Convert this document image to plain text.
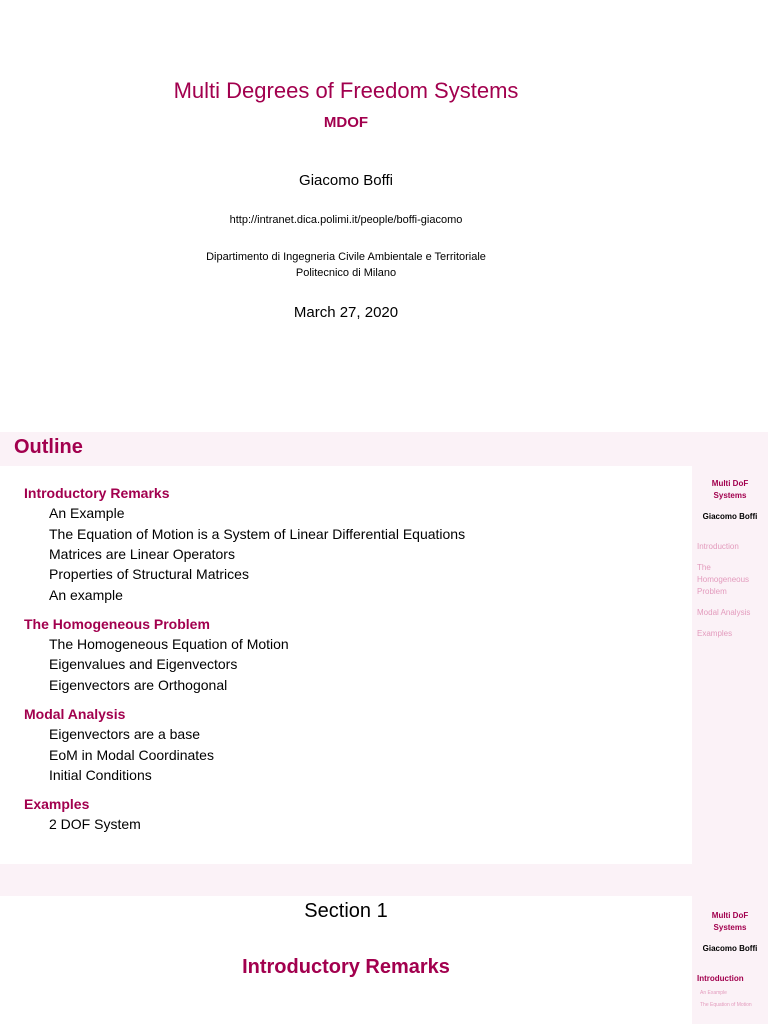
Multi Degrees of Freedom Systems
MDOF
Giacomo Boffi
http://intranet.dica.polimi.it/people/boffi-giacomo
Dipartimento di Ingegneria Civile Ambientale e Territoriale
Politecnico di Milano
March 27, 2020
Outline
Introductory Remarks
An Example
The Equation of Motion is a System of Linear Differential Equations
Matrices are Linear Operators
Properties of Structural Matrices
An example
The Homogeneous Problem
The Homogeneous Equation of Motion
Eigenvalues and Eigenvectors
Eigenvectors are Orthogonal
Modal Analysis
Eigenvectors are a base
EoM in Modal Coordinates
Initial Conditions
Examples
2 DOF System
Multi DoF
Systems
Giacomo Boffi
Introduction
The Homogeneous Problem
Modal Analysis
Examples
Section 1
Introductory Remarks
Multi DoF
Systems
Giacomo Boffi
Introduction
An Example
The Equation of Motion
